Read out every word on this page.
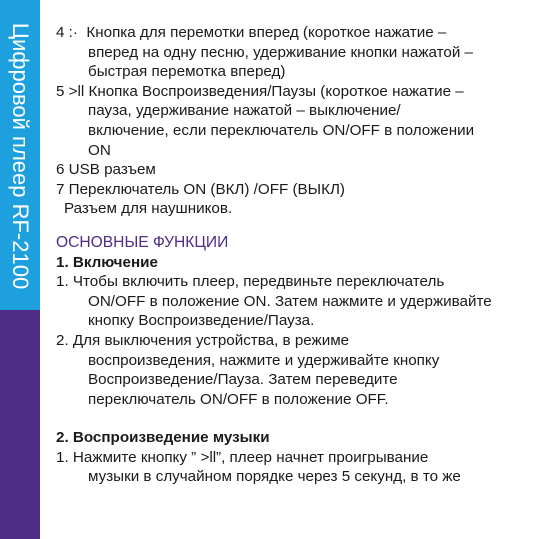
Цифровой плеер RF-2100 4 :·  Кнопка для перемотки вперед (короткое нажатие –
вперед на одну песню, удерживание кнопки нажатой –
быстрая перемотка вперед)
5 >ll Кнопка Воспроизведения/Паузы (короткое нажатие –
пауза, удерживание нажатой – выключение/
включение, если переключатель ON/OFF в положении
ON
6 USB разъем
7 Переключатель ON (ВКЛ) /OFF (ВЫКЛ)
Разъем для наушников.
ОСНОВНЫЕ ФУНКЦИИ
1. Включение
1. Чтобы включить плеер, передвиньте переключатель
ON/OFF в положение ON. Затем нажмите и удерживайте
кнопку Воспроизведение/Пауза.
2. Для выключения устройства, в режиме
воспроизведения, нажмите и удерживайте кнопку
Воспроизведение/Пауза. Затем переведите
переключатель ON/OFF в положение OFF.
2. Воспроизведение музыки
1. Нажмите кнопку ” >ll”, плеер начнет проигрывание
музыки в случайном порядке через 5 секунд, в то же
